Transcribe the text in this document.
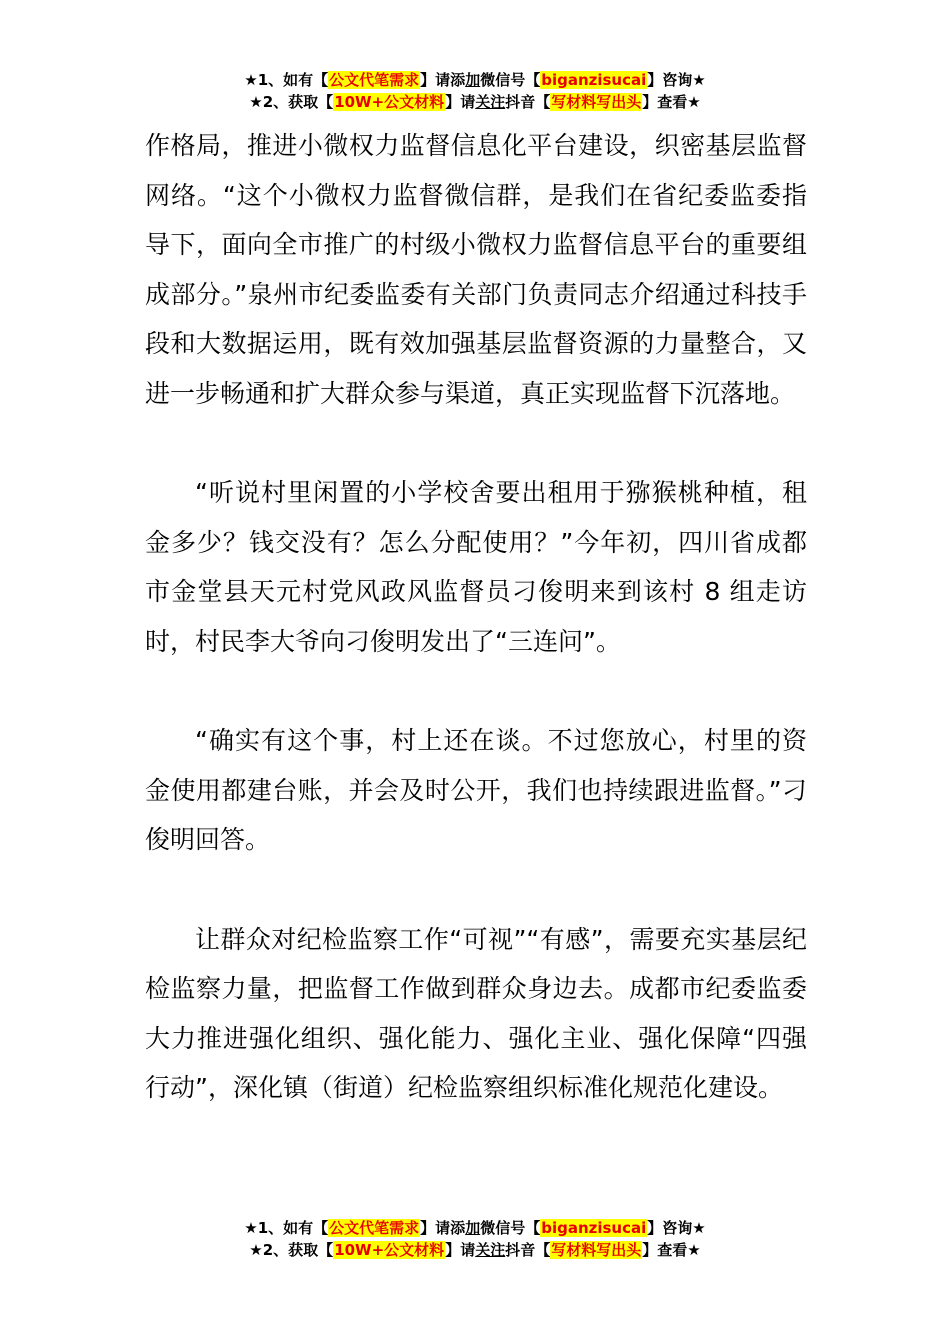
★1、如有【公文代笔需求】请添加微信号【biganzisucai】咨询★
★2、获取【10W+公文材料】请关注抖音【写材料写出头】查看★

作格局，推进小微权力监督信息化平台建设，织密基层监督网络。“这个小微权力监督微信群，是我们在省纪委监委指导下，面向全市推广的村级小微权力监督信息平台的重要组成部分。”泉州市纪委监委有关部门负责同志介绍通过科技手段和大数据运用，既有效加强基层监督资源的力量整合，又进一步畅通和扩大群众参与渠道，真正实现监督下沉落地。

“听说村里闲置的小学校舍要出租用于猕猴桃种植，租金多少？钱交没有？怎么分配使用？”今年初，四川省成都市金堂县天元村党风政风监督员刁俊明来到该村 8 组走访时，村民李大爷向刁俊明发出了“三连问”。

“确实有这个事，村上还在谈。不过您放心，村里的资金使用都建台账，并会及时公开，我们也持续跟进监督。”刁俊明回答。

让群众对纪检监察工作“可视”“有感”，需要充实基层纪检监察力量，把监督工作做到群众身边去。成都市纪委监委大力推进强化组织、强化能力、强化主业、强化保障“四强行动”，深化镇（街道）纪检监察组织标准化规范化建设。

★1、如有【公文代笔需求】请添加微信号【biganzisucai】咨询★
★2、获取【10W+公文材料】请关注抖音【写材料写出头】查看★
